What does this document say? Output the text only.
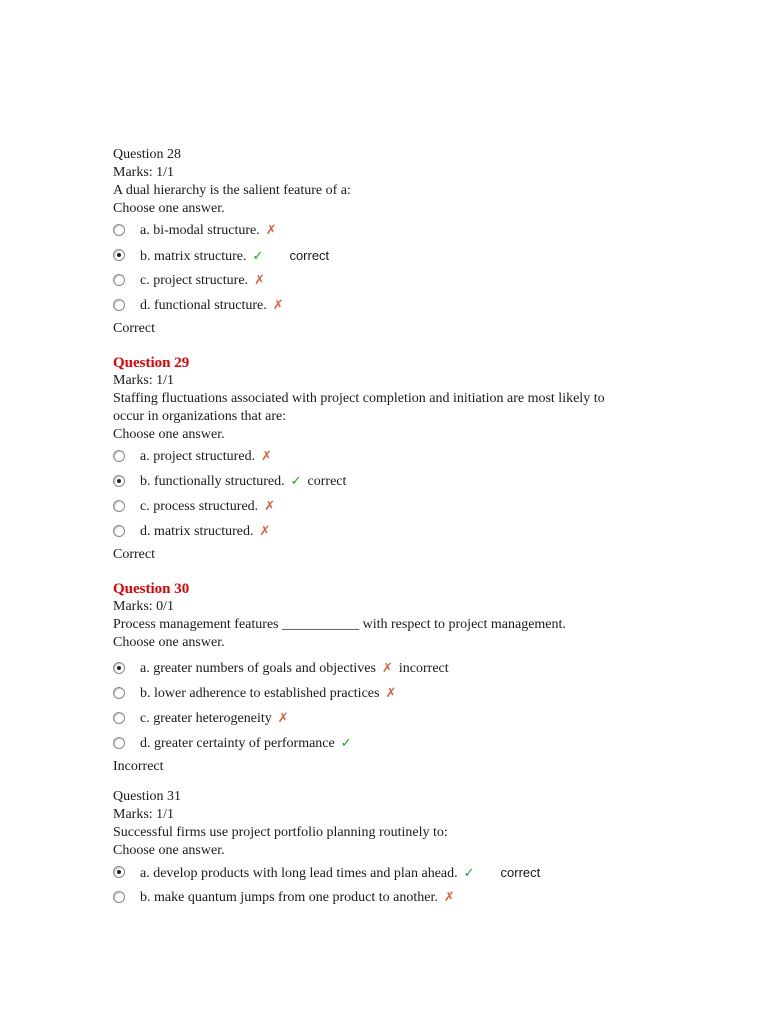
Question 28
Marks: 1/1
A dual hierarchy is the salient feature of a:
Choose one answer.
a. bi-modal structure. ✗
b. matrix structure. ✓ correct
c. project structure. ✗
d. functional structure. ✗
Correct
Question 29
Marks: 1/1
Staffing fluctuations associated with project completion and initiation are most likely to
occur in organizations that are:
Choose one answer.
a. project structured. ✗
b. functionally structured. ✓ correct
c. process structured. ✗
d. matrix structured. ✗
Correct
Question 30
Marks: 0/1
Process management features ___________ with respect to project management.
Choose one answer.
a. greater numbers of goals and objectives ✗ incorrect
b. lower adherence to established practices ✗
c. greater heterogeneity ✗
d. greater certainty of performance ✓
Incorrect
Question 31
Marks: 1/1
Successful firms use project portfolio planning routinely to:
Choose one answer.
a. develop products with long lead times and plan ahead. ✓ correct
b. make quantum jumps from one product to another. ✗
